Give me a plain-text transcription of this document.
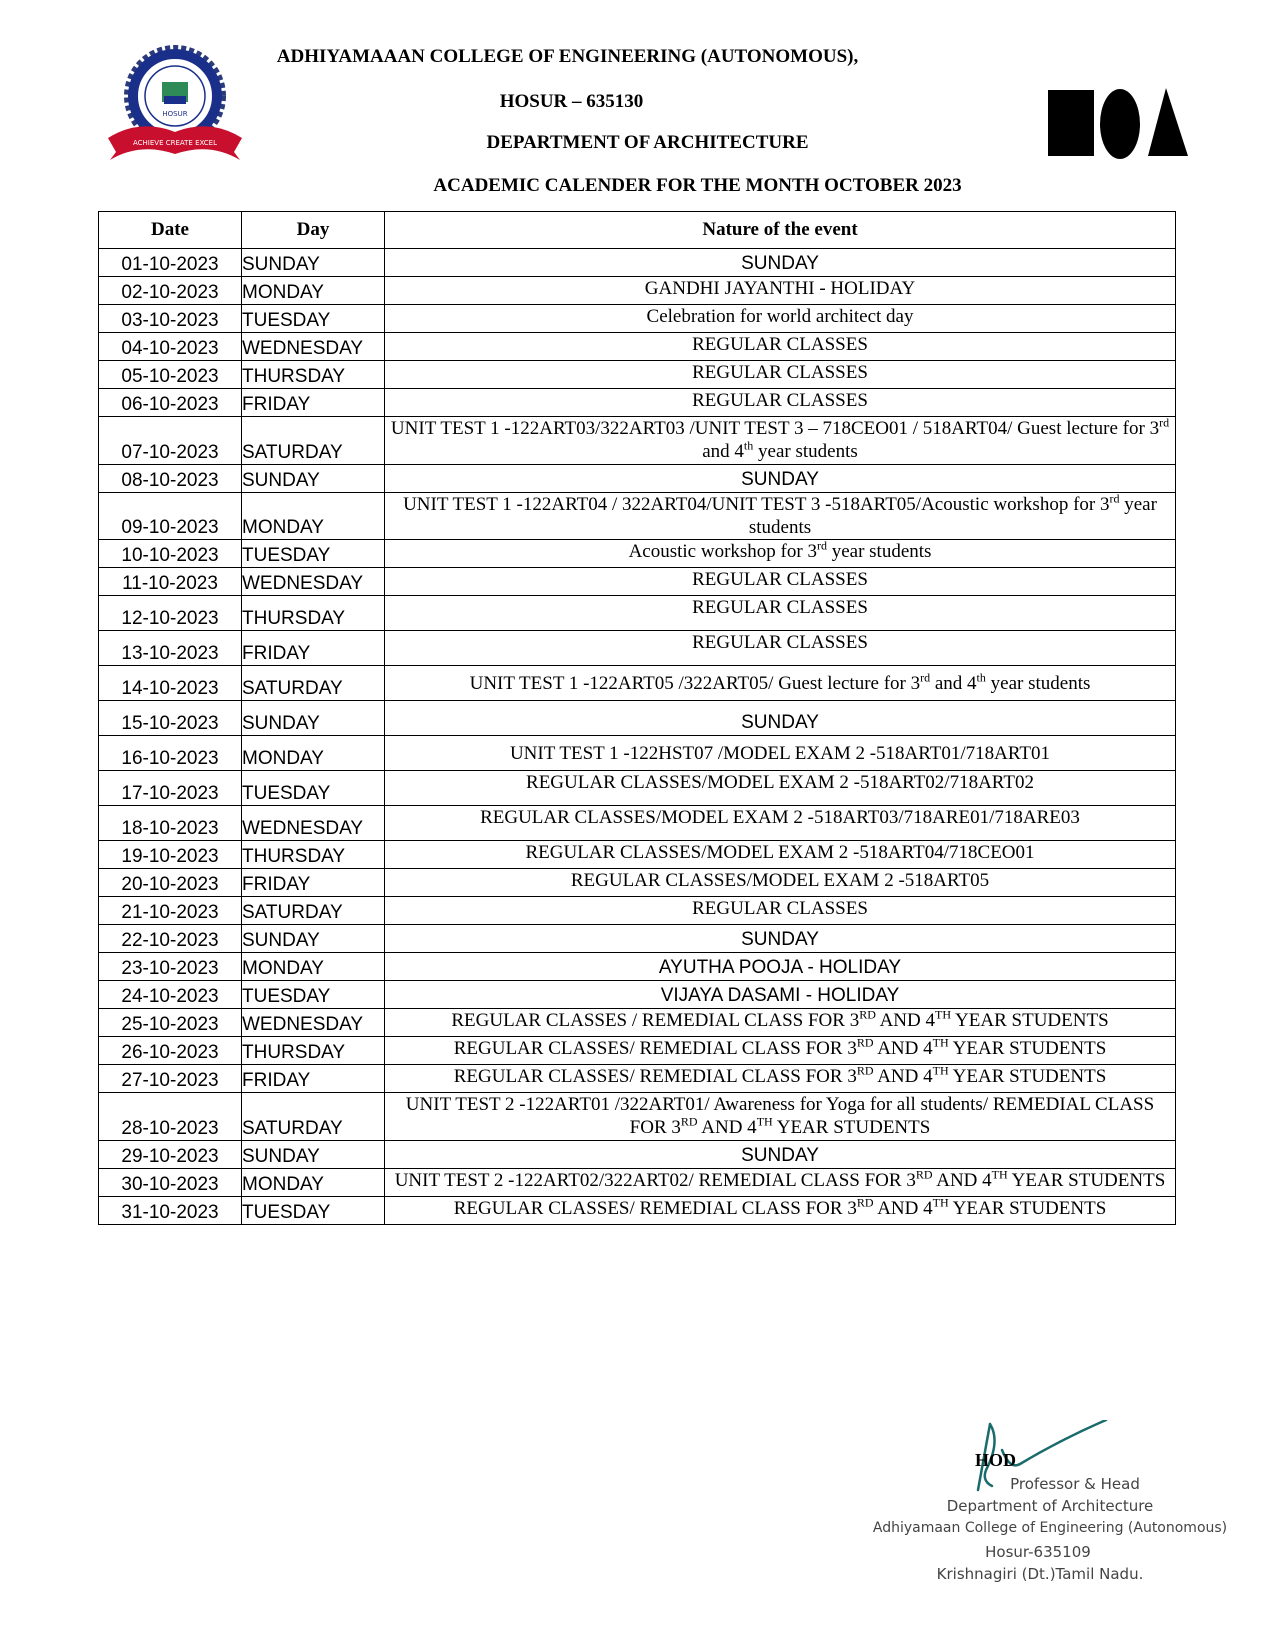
HOSUR
ACHIEVE CREATE EXCEL
ADHIYAMAAAN COLLEGE OF ENGINEERING (AUTONOMOUS),
HOSUR – 635130
DEPARTMENT OF ARCHITECTURE
ACADEMIC CALENDER FOR THE MONTH OCTOBER 2023
Date	Day	Nature of the event
01-10-2023	SUNDAY	SUNDAY
02-10-2023	MONDAY	GANDHI JAYANTHI - HOLIDAY
03-10-2023	TUESDAY	Celebration for world architect day
04-10-2023	WEDNESDAY	REGULAR CLASSES
05-10-2023	THURSDAY	REGULAR CLASSES
06-10-2023	FRIDAY	REGULAR CLASSES
07-10-2023	SATURDAY	UNIT TEST 1 -122ART03/322ART03 /UNIT TEST 3 – 718CEO01 / 518ART04/ Guest lecture for 3rd and 4th year students
08-10-2023	SUNDAY	SUNDAY
09-10-2023	MONDAY	UNIT TEST 1 -122ART04 / 322ART04/UNIT TEST 3 -518ART05/Acoustic workshop for 3rd year students
10-10-2023	TUESDAY	Acoustic workshop for 3rd year students
11-10-2023	WEDNESDAY	REGULAR CLASSES
12-10-2023	THURSDAY	REGULAR CLASSES
13-10-2023	FRIDAY	REGULAR CLASSES
14-10-2023	SATURDAY	UNIT TEST 1 -122ART05 /322ART05/ Guest lecture for 3rd and 4th year students
15-10-2023	SUNDAY	SUNDAY
16-10-2023	MONDAY	UNIT TEST 1 -122HST07 /MODEL EXAM 2 -518ART01/718ART01
17-10-2023	TUESDAY	REGULAR CLASSES/MODEL EXAM 2 -518ART02/718ART02
18-10-2023	WEDNESDAY	REGULAR CLASSES/MODEL EXAM 2 -518ART03/718ARE01/718ARE03
19-10-2023	THURSDAY	REGULAR CLASSES/MODEL EXAM 2 -518ART04/718CEO01
20-10-2023	FRIDAY	REGULAR CLASSES/MODEL EXAM 2 -518ART05
21-10-2023	SATURDAY	REGULAR CLASSES
22-10-2023	SUNDAY	SUNDAY
23-10-2023	MONDAY	AYUTHA POOJA - HOLIDAY
24-10-2023	TUESDAY	VIJAYA DASAMI - HOLIDAY
25-10-2023	WEDNESDAY	REGULAR CLASSES / REMEDIAL CLASS FOR 3RD AND 4TH YEAR STUDENTS
26-10-2023	THURSDAY	REGULAR CLASSES/ REMEDIAL CLASS FOR 3RD AND 4TH YEAR STUDENTS
27-10-2023	FRIDAY	REGULAR CLASSES/ REMEDIAL CLASS FOR 3RD AND 4TH YEAR STUDENTS
28-10-2023	SATURDAY	UNIT TEST 2 -122ART01 /322ART01/ Awareness for Yoga for all students/ REMEDIAL CLASS FOR 3RD AND 4TH YEAR STUDENTS
29-10-2023	SUNDAY	SUNDAY
30-10-2023	MONDAY	UNIT TEST 2 -122ART02/322ART02/ REMEDIAL CLASS FOR 3RD AND 4TH YEAR STUDENTS
31-10-2023	TUESDAY	REGULAR CLASSES/ REMEDIAL CLASS FOR 3RD AND 4TH YEAR STUDENTS
HOD
Professor & Head
Department of Architecture
Adhiyamaan College of Engineering (Autonomous)
Hosur-635109
Krishnagiri (Dt.)Tamil Nadu.
